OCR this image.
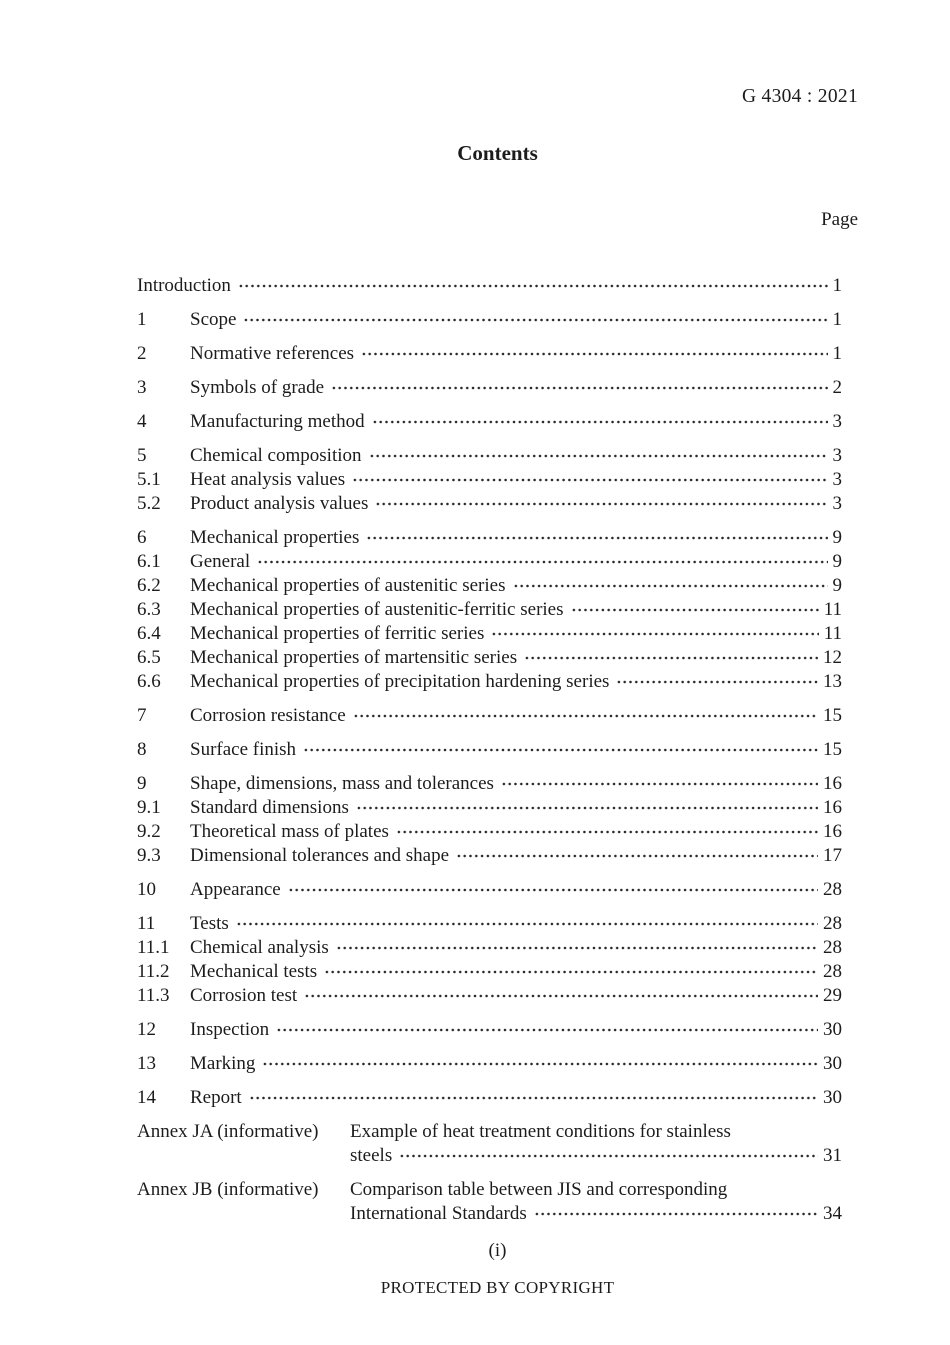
G 4304 : 2021
Contents
Page
Introduction	1
1	Scope	1
2	Normative references	1
3	Symbols of grade	2
4	Manufacturing method	3
5	Chemical composition	3
5.1	Heat analysis values	3
5.2	Product analysis values	3
6	Mechanical properties	9
6.1	General	9
6.2	Mechanical properties of austenitic series	9
6.3	Mechanical properties of austenitic-ferritic series	11
6.4	Mechanical properties of ferritic series	11
6.5	Mechanical properties of martensitic series	12
6.6	Mechanical properties of precipitation hardening series	13
7	Corrosion resistance	15
8	Surface finish	15
9	Shape, dimensions, mass and tolerances	16
9.1	Standard dimensions	16
9.2	Theoretical mass of plates	16
9.3	Dimensional tolerances and shape	17
10	Appearance	28
11	Tests	28
11.1	Chemical analysis	28
11.2	Mechanical tests	28
11.3	Corrosion test	29
12	Inspection	30
13	Marking	30
14	Report	30
Annex JA (informative)	Example of heat treatment conditions for stainless
steels	31
Annex JB (informative)	Comparison table between JIS and corresponding
International Standards	34
(i)
PROTECTED BY COPYRIGHT
